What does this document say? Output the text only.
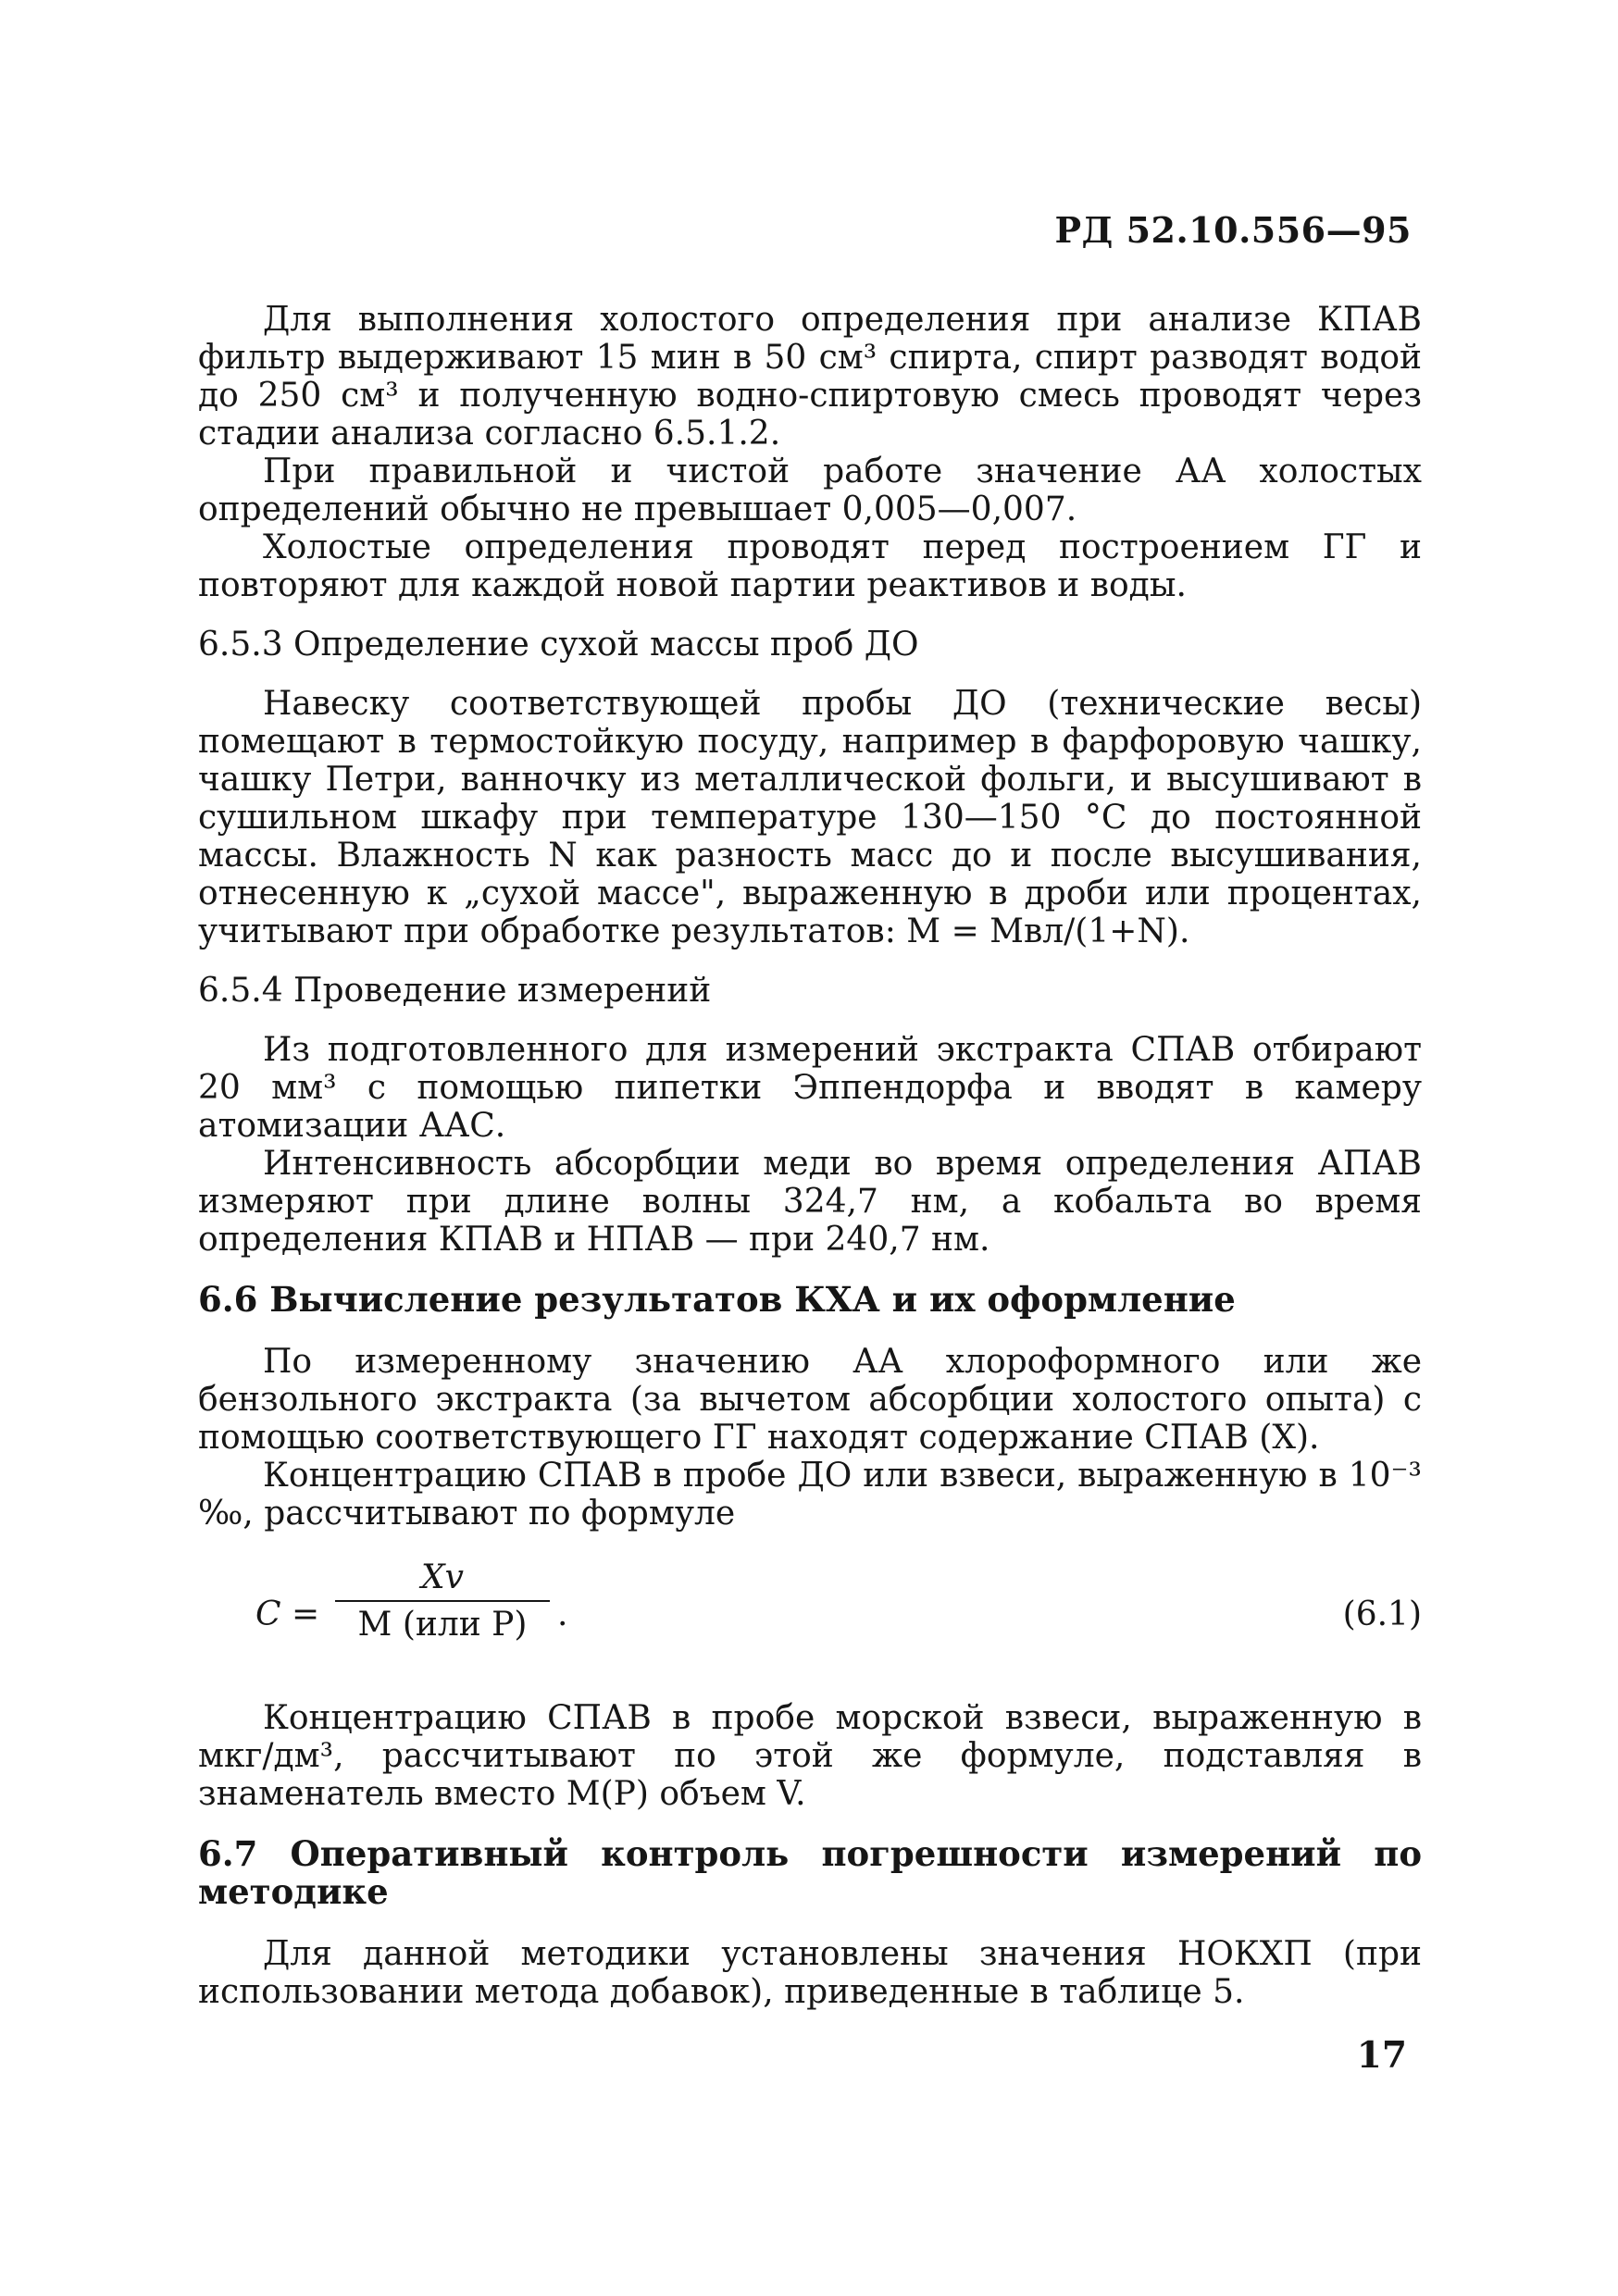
РД 52.10.556—95

Для выполнения холостого определения при анализе КПАВ фильтр выдерживают 15 мин в 50 см³ спирта, спирт разводят водой до 250 см³ и полученную водно-спиртовую смесь проводят через стадии анализа согласно 6.5.1.2.

При правильной и чистой работе значение АА холостых определений обычно не превышает 0,005—0,007.

Холостые определения проводят перед построением ГГ и повторяют для каждой новой партии реактивов и воды.

6.5.3 Определение сухой массы проб ДО

Навеску соответствующей пробы ДО (технические весы) помещают в термостойкую посуду, например в фарфоровую чашку, чашку Петри, ванночку из металлической фольги, и высушивают в сушильном шкафу при температуре 130—150 °С до постоянной массы. Влажность N как разность масс до и после высушивания, отнесенную к „сухой массе", выраженную в дроби или процентах, учитывают при обработке результатов: M = Mвл/(1+N).

6.5.4 Проведение измерений

Из подготовленного для измерений экстракта СПАВ отбирают 20 мм³ с помощью пипетки Эппендорфа и вводят в камеру атомизации ААС.

Интенсивность абсорбции меди во время определения АПАВ измеряют при длине волны 324,7 нм, а кобальта во время определения КПАВ и НПАВ — при 240,7 нм.

6.6 Вычисление результатов КХА и их оформление

По измеренному значению АА хлороформного или же бензольного экстракта (за вычетом абсорбции холостого опыта) с помощью соответствующего ГГ находят содержание СПАВ (X).

Концентрацию СПАВ в пробе ДО или взвеси, выраженную в 10⁻³ ‰, рассчитывают по формуле

C =
Xv
M (или P) .	(6.1)

Концентрацию СПАВ в пробе морской взвеси, выраженную в мкг/дм³, рассчитывают по этой же формуле, подставляя в знаменатель вместо M(P) объем V.

6.7 Оперативный контроль погрешности измерений по методике

Для данной методики установлены значения НОКХП (при использовании метода добавок), приведенные в таблице 5.

17
